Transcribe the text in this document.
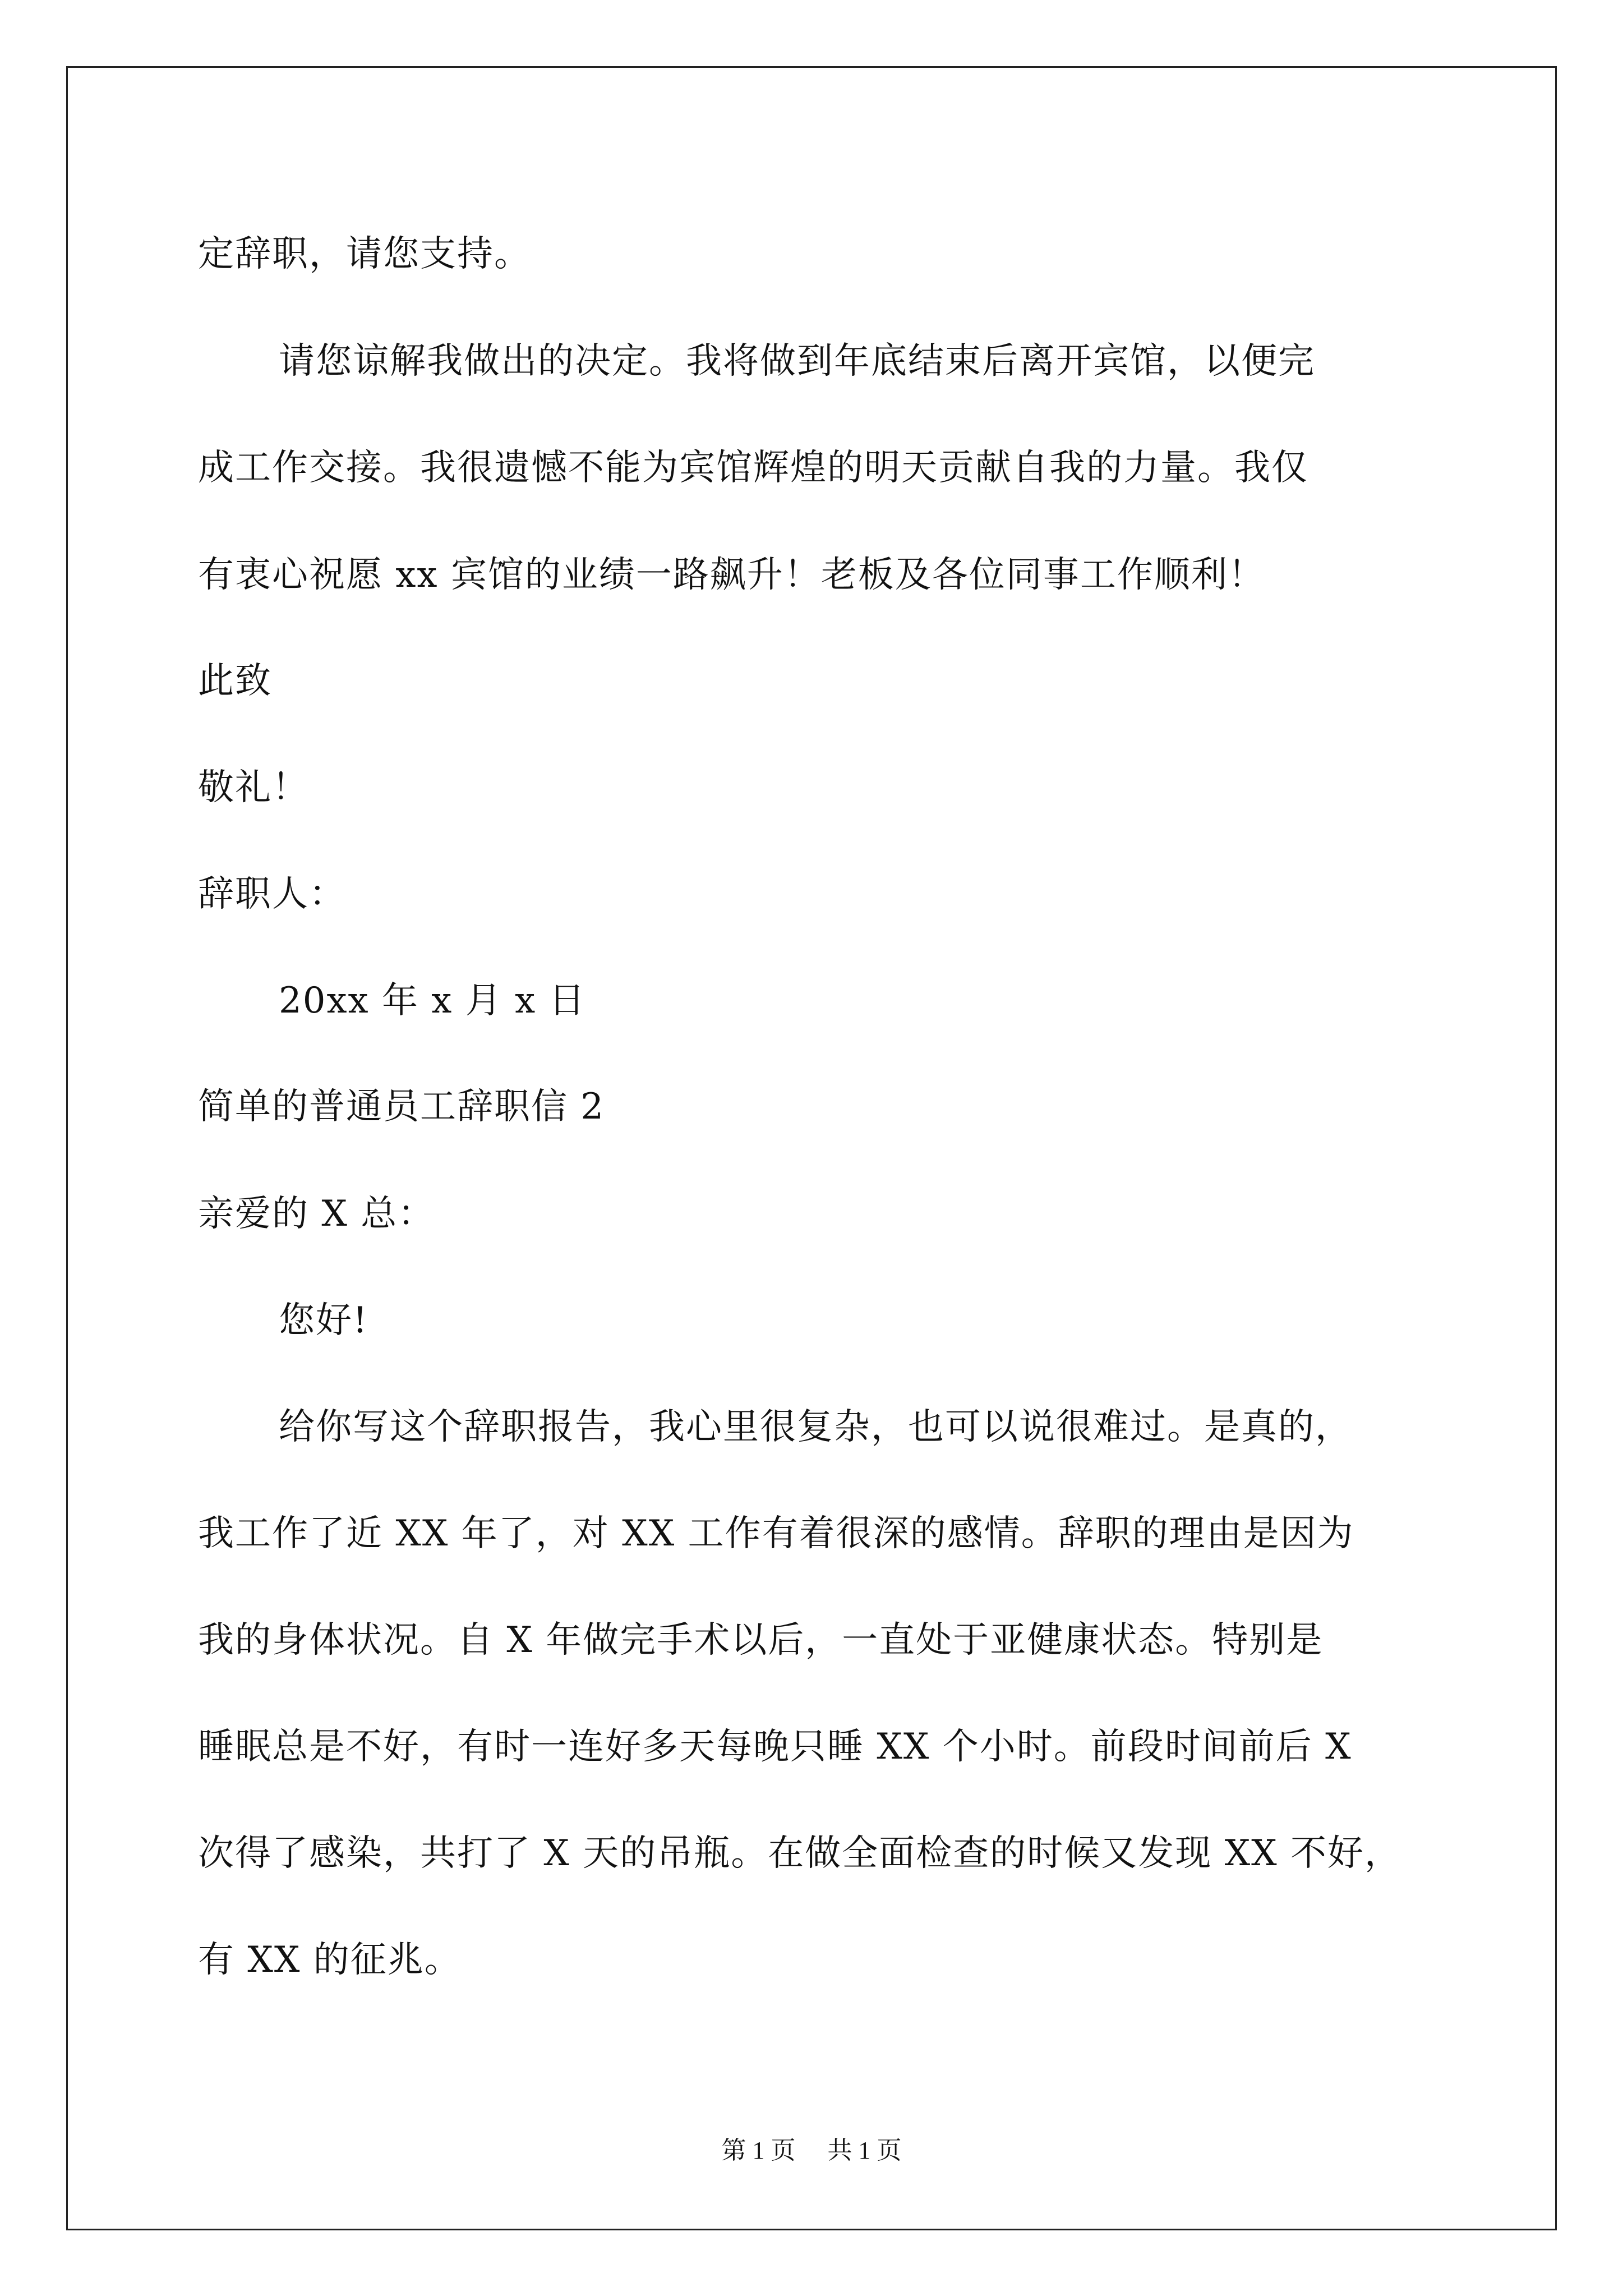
定辞职，请您支持。
请您谅解我做出的决定。我将做到年底结束后离开宾馆，以便完
成工作交接。我很遗憾不能为宾馆辉煌的明天贡献自我的力量。我仅
有衷心祝愿 xx 宾馆的业绩一路飙升！老板及各位同事工作顺利！
此致
敬礼！
辞职人：
20xx 年 x 月 x 日
简单的普通员工辞职信 2
亲爱的 X 总：
您好!
给你写这个辞职报告，我心里很复杂，也可以说很难过。是真的，
我工作了近 XX 年了，对 XX 工作有着很深的感情。辞职的理由是因为
我的身体状况。自 X 年做完手术以后，一直处于亚健康状态。特别是
睡眠总是不好，有时一连好多天每晚只睡 XX 个小时。前段时间前后 X
次得了感染，共打了 X 天的吊瓶。在做全面检查的时候又发现 XX 不好，
有 XX 的征兆。
第 1 页 共 1 页
